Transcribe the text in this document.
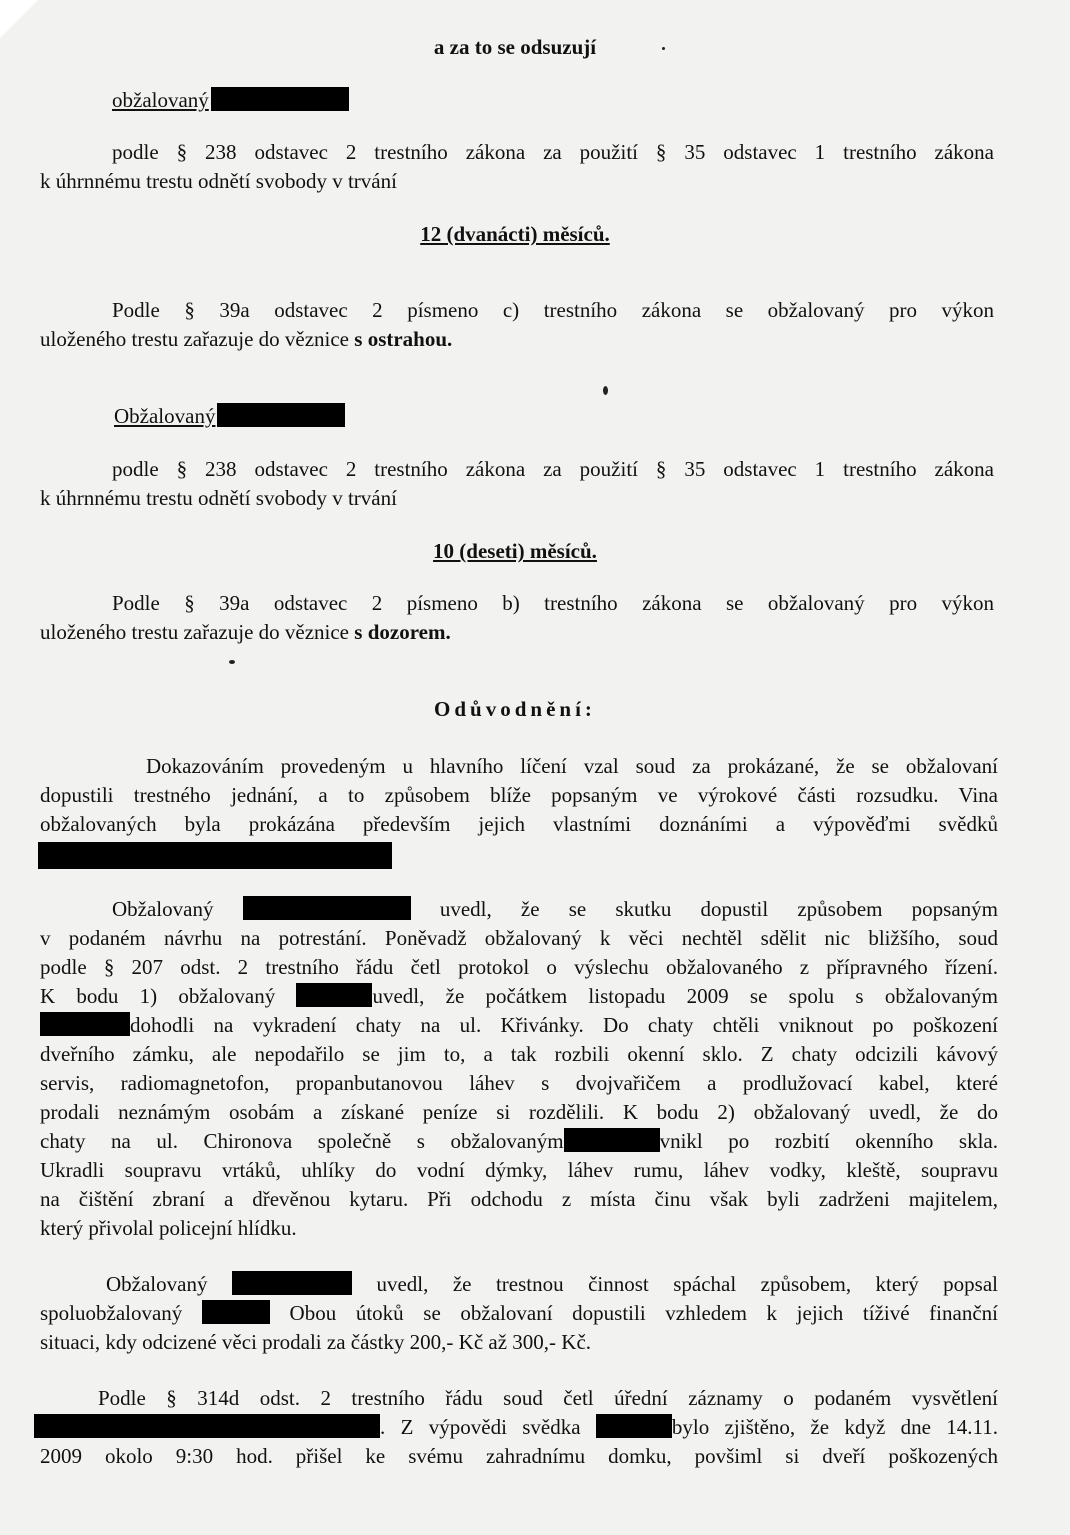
a za to se odsuzují
obžalovaný
podle § 238 odstavec 2 trestního zákona za použití § 35 odstavec 1 trestního zákona
k úhrnnému trestu odnětí svobody v trvání
12 (dvanácti) měsíců.
Podle § 39a odstavec 2 písmeno c) trestního zákona se obžalovaný pro výkon
uloženého trestu zařazuje do věznice s ostrahou.
Obžalovaný
podle § 238 odstavec 2 trestního zákona za použití § 35 odstavec 1 trestního zákona
k úhrnnému trestu odnětí svobody v trvání
10 (deseti) měsíců.
Podle § 39a odstavec 2 písmeno b) trestního zákona se obžalovaný pro výkon
uloženého trestu zařazuje do věznice s dozorem.
Odůvodnění:
Dokazováním provedeným u hlavního líčení vzal soud za prokázané, že se obžalovaní
dopustili trestného jednání, a to způsobem blíže popsaným ve výrokové části rozsudku. Vina
obžalovaných byla prokázána především jejich vlastními doznáními a výpověďmi svědků
Obžalovaný	uvedl, že se skutku dopustil způsobem popsaným
v podaném návrhu na potrestání. Poněvadž obžalovaný k věci nechtěl sdělit nic bližšího, soud
podle § 207 odst. 2 trestního řádu četl protokol o výslechu obžalovaného z přípravného řízení.
K bodu 1) obžalovaný	uvedl, že počátkem listopadu 2009 se spolu s obžalovaným
dohodli na vykradení chaty na ul. Křivánky. Do chaty chtěli vniknout po poškození
dveřního zámku, ale nepodařilo se jim to, a tak rozbili okenní sklo. Z chaty odcizili kávový
servis, radiomagnetofon, propanbutanovou láhev s dvojvařičem a prodlužovací kabel, které
prodali neznámým osobám a získané peníze si rozdělili. K bodu 2) obžalovaný uvedl, že do
chaty na ul. Chironova společně s obžalovaným	vnikl po rozbití okenního skla.
Ukradli soupravu vrtáků, uhlíky do vodní dýmky, láhev rumu, láhev vodky, kleště, soupravu
na čištění zbraní a dřevěnou kytaru. Při odchodu z místa činu však byli zadrženi majitelem,
který přivolal policejní hlídku.
Obžalovaný	uvedl, že trestnou činnost spáchal způsobem, který popsal
spoluobžalovaný	Obou útoků se obžalovaní dopustili vzhledem k jejich tíživé finanční
situaci, kdy odcizené věci prodali za částky 200,- Kč až 300,- Kč.
Podle § 314d odst. 2 trestního řádu soud četl úřední záznamy o podaném vysvětlení
. Z výpovědi svědka	bylo zjištěno, že když dne 14.11.
2009 okolo 9:30 hod. přišel ke svému zahradnímu domku, povšiml si dveří poškozených
